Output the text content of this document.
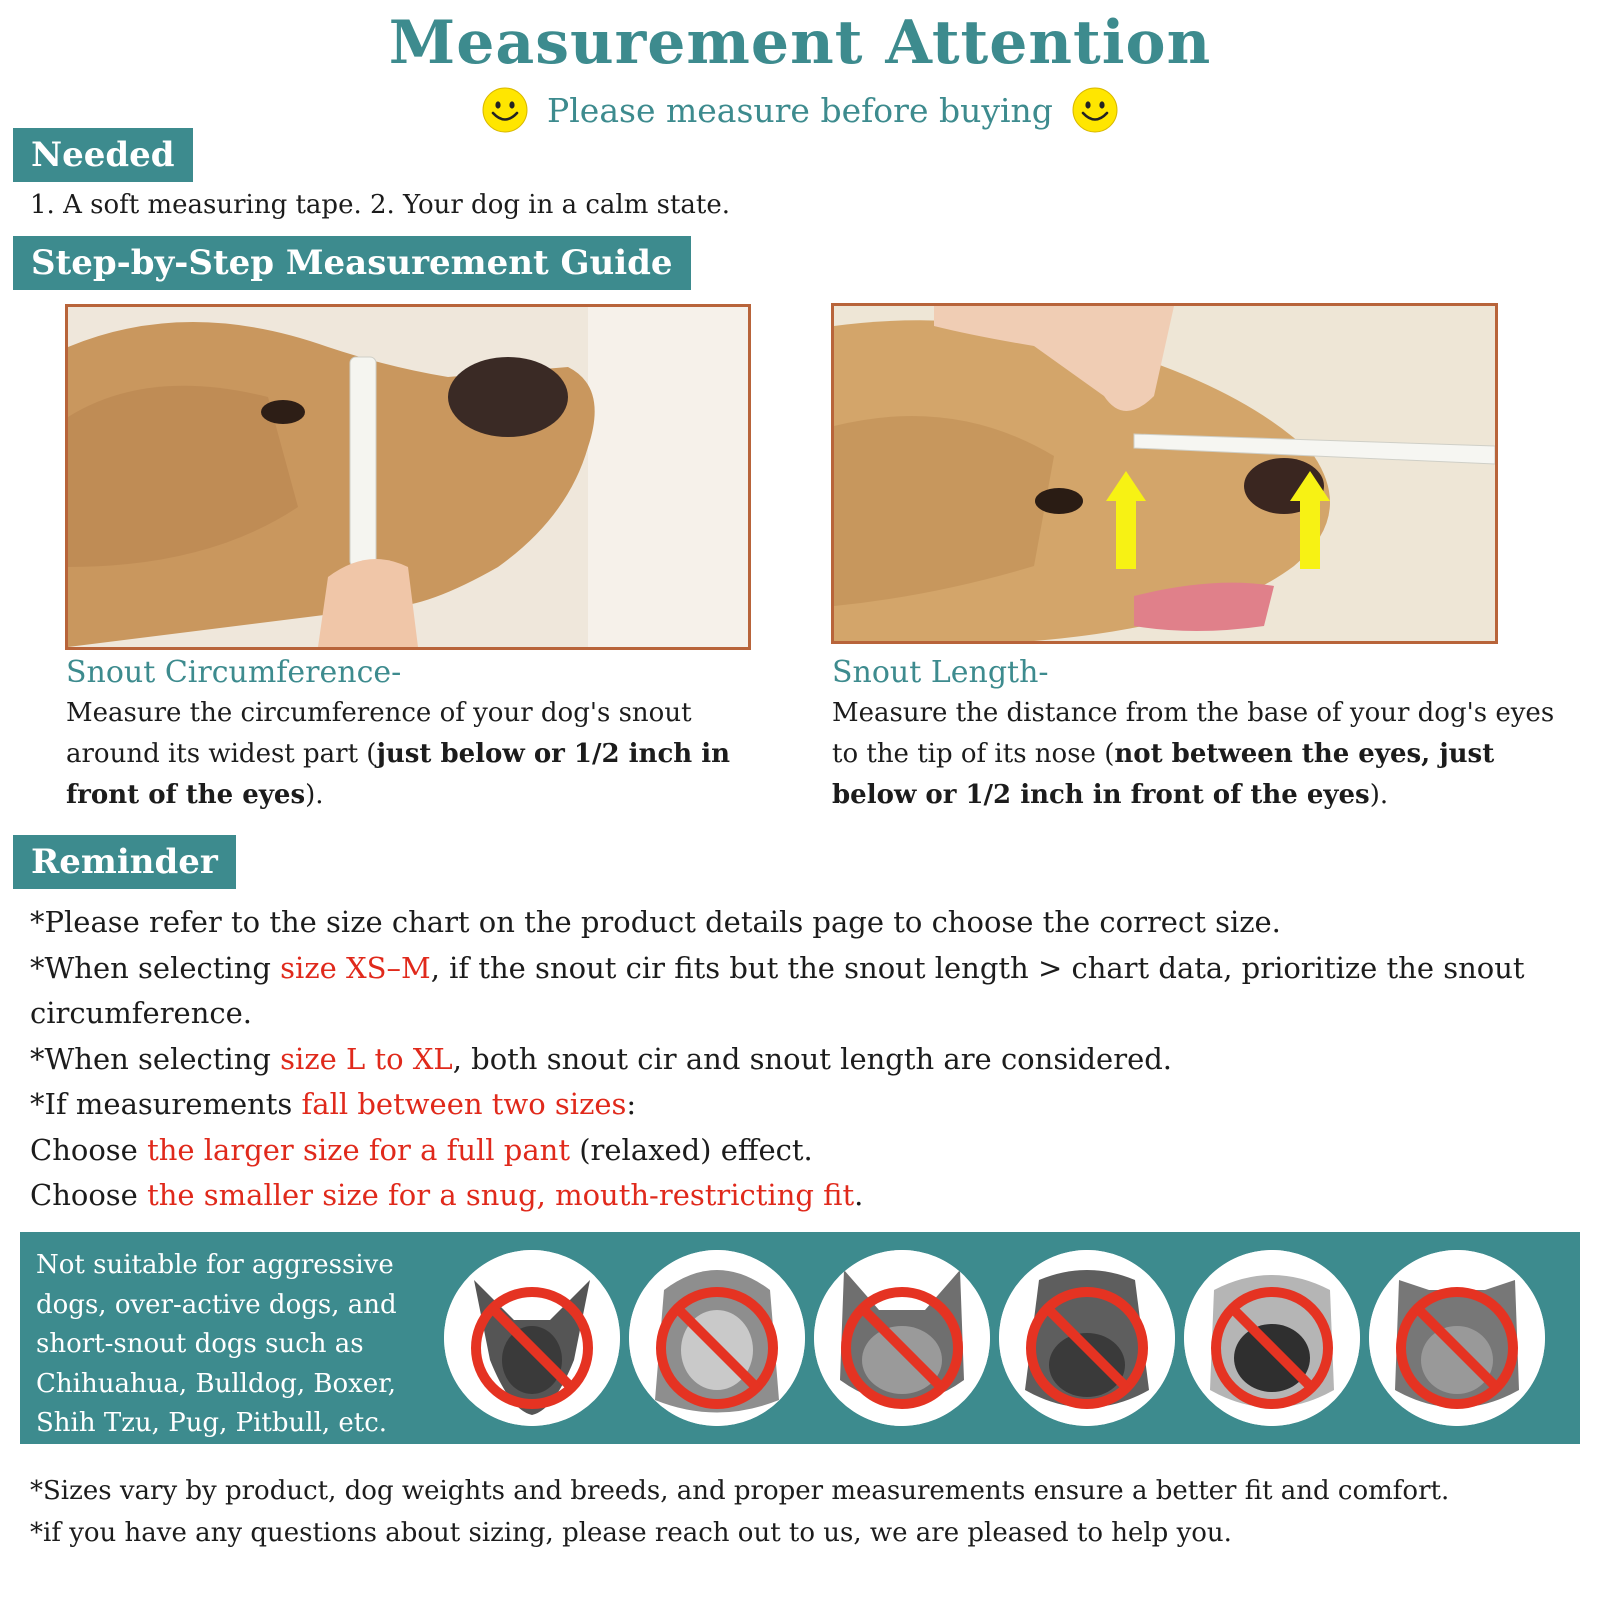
Measurement Attention
Please measure before buying
Needed
1. A soft measuring tape. 2. Your dog in a calm state.
Step-by-Step Measurement Guide
Snout Circumference-
Measure the circumference of your dog's snout around its widest part (just below or 1/2 inch in front of the eyes).
Snout Length-
Measure the distance from the base of your dog's eyes to the tip of its nose (not between the eyes, just below or 1/2 inch in front of the eyes).
Reminder

*Please refer to the size chart on the product details page to choose the correct size.

*When selecting size XS–M, if the snout cir fits but the snout length > chart data, prioritize the snout circumference.

*When selecting size L to XL, both snout cir and snout length are considered.

*If measurements fall between two sizes:

Choose the larger size for a full pant (relaxed) effect.

Choose the smaller size for a snug, mouth-restricting fit.

Not suitable for aggressive dogs, over-active dogs, and short-snout dogs such as Chihuahua, Bulldog, Boxer, Shih Tzu, Pug, Pitbull, etc.

*Sizes vary by product, dog weights and breeds, and proper measurements ensure a better fit and comfort.

*if you have any questions about sizing, please reach out to us, we are pleased to help you.
